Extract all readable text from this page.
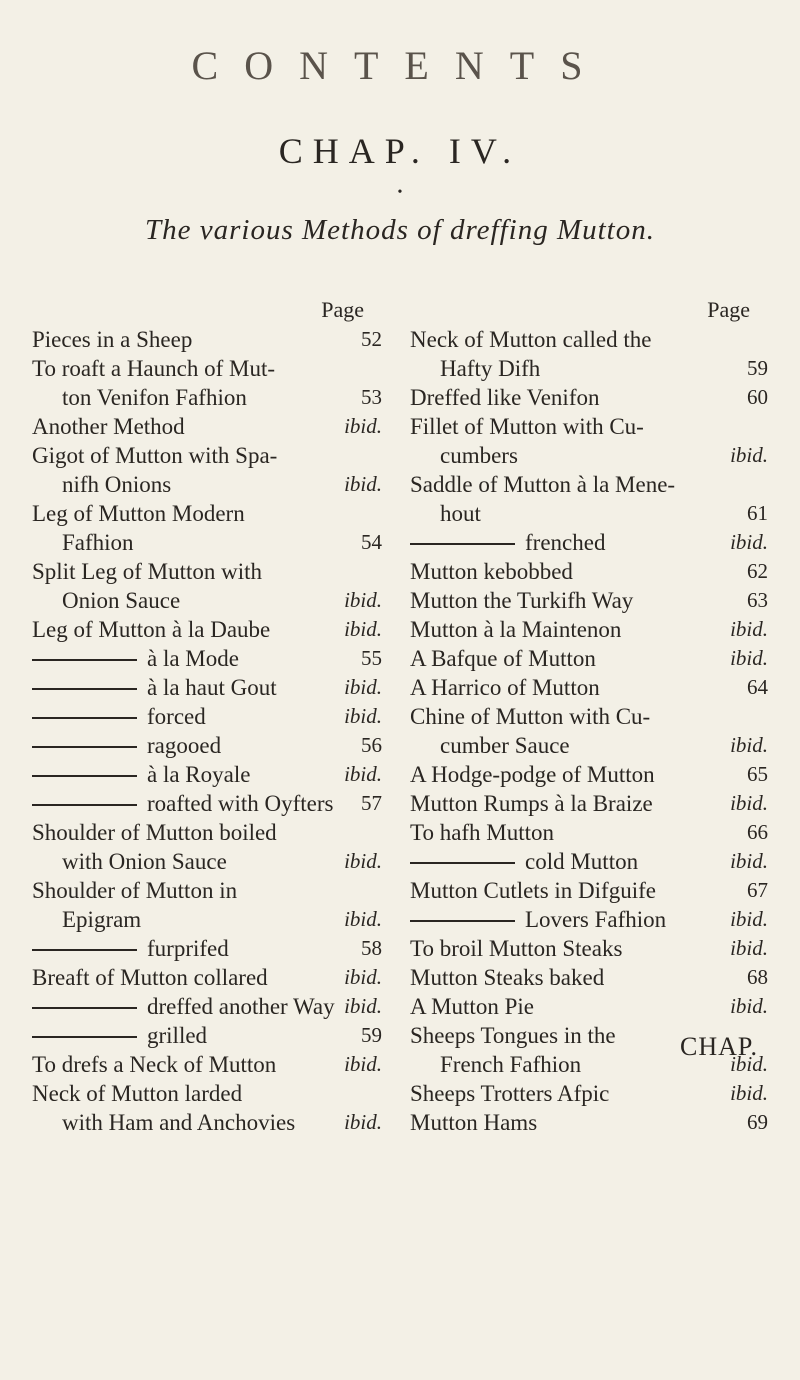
CONTENTS
CHAP. IV.
•
The various Methods of dreffing Mutton.
Page
Pieces in a Sheep	52
To roaft a Haunch of Mut-
ton Venifon Fafhion	53
Another Method	ibid.
Gigot of Mutton with Spa-
nifh Onions	ibid.
Leg of Mutton Modern
Fafhion	54
Split Leg of Mutton with
Onion Sauce	ibid.
Leg of Mutton à la Daube	ibid.
à la Mode	55
à la haut Gout	ibid.
forced	ibid.
ragooed	56
à la Royale	ibid.
roafted with Oyfters 57
Shoulder of Mutton boiled
with Onion Sauce	ibid.
Shoulder of Mutton in
Epigram	ibid.
furprifed	58
Breaft of Mutton collared	ibid.
dreffed another Way ibid.
grilled	59
To drefs a Neck of Mutton	ibid.
Neck of Mutton larded
with Ham and Anchovies ibid.
Page
Neck of Mutton called the
Hafty Difh	59
Dreffed like Venifon	60
Fillet of Mutton with Cu-
cumbers	ibid.
Saddle of Mutton à la Mene-
hout	61
frenched	ibid.
Mutton kebobbed	62
Mutton the Turkifh Way	63
Mutton à la Maintenon	ibid.
A Bafque of Mutton	ibid.
A Harrico of Mutton	64
Chine of Mutton with Cu-
cumber Sauce	ibid.
A Hodge-podge of Mutton	65
Mutton Rumps à la Braize	ibid.
To hafh Mutton	66
cold Mutton	ibid.
Mutton Cutlets in Difguife	67
Lovers Fafhion	ibid.
To broil Mutton Steaks	ibid.
Mutton Steaks baked	68
A Mutton Pie	ibid.
Sheeps Tongues in the
French Fafhion	ibid.
Sheeps Trotters Afpic	ibid.
Mutton Hams	69
CHAP.
